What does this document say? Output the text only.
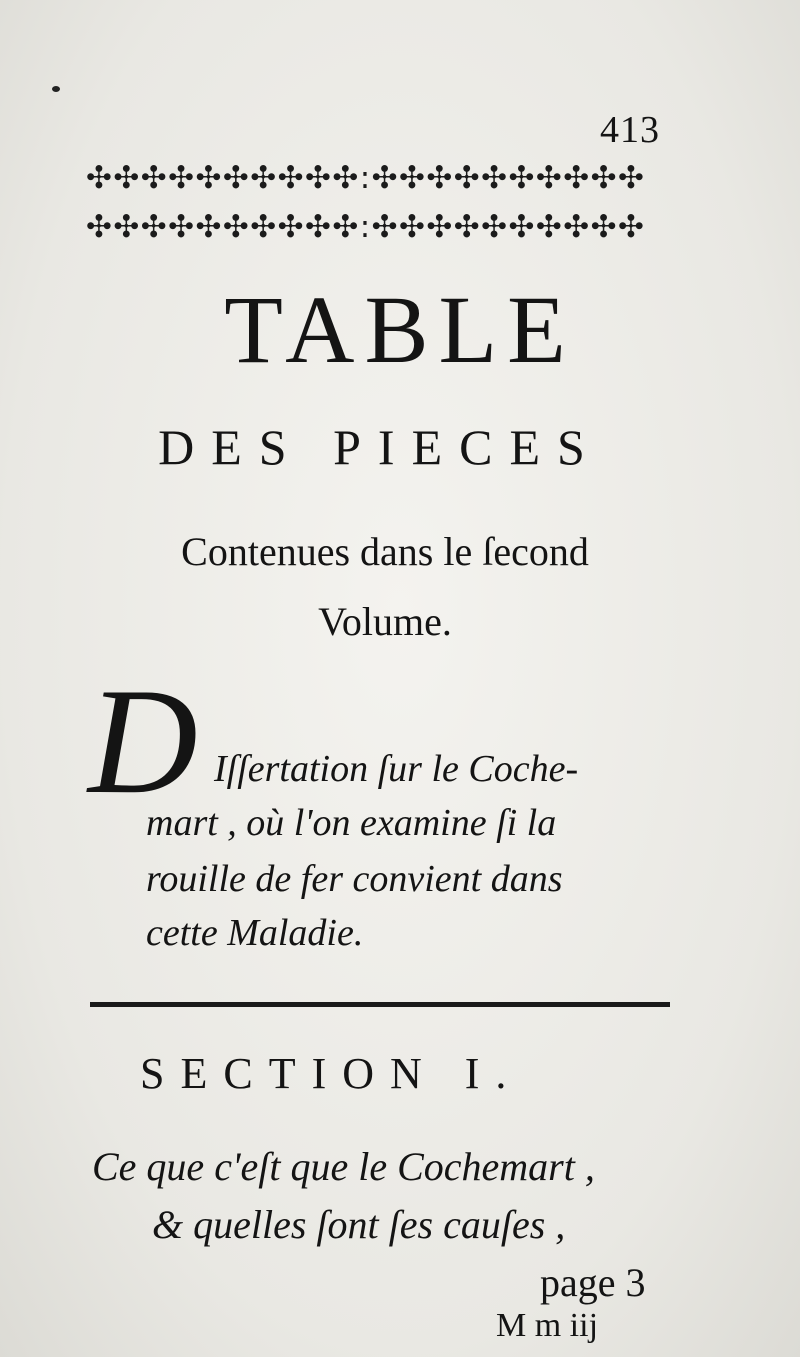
413
✣✣✣✣✣✣✣✣✣✣:✣✣✣✣✣✣✣✣✣✣
✣✣✣✣✣✣✣✣✣✣:✣✣✣✣✣✣✣✣✣✣
TABLE
DES PIECES
Contenues dans le ſecond
Volume.
D Iſſertation ſur le Coche-
mart , où l'on examine ſi la
rouille de fer convient dans
cette Maladie.
SECTION I.
Ce que c'eſt que le Cochemart ,
& quelles ſont ſes cauſes ,
page 3
M m iij
